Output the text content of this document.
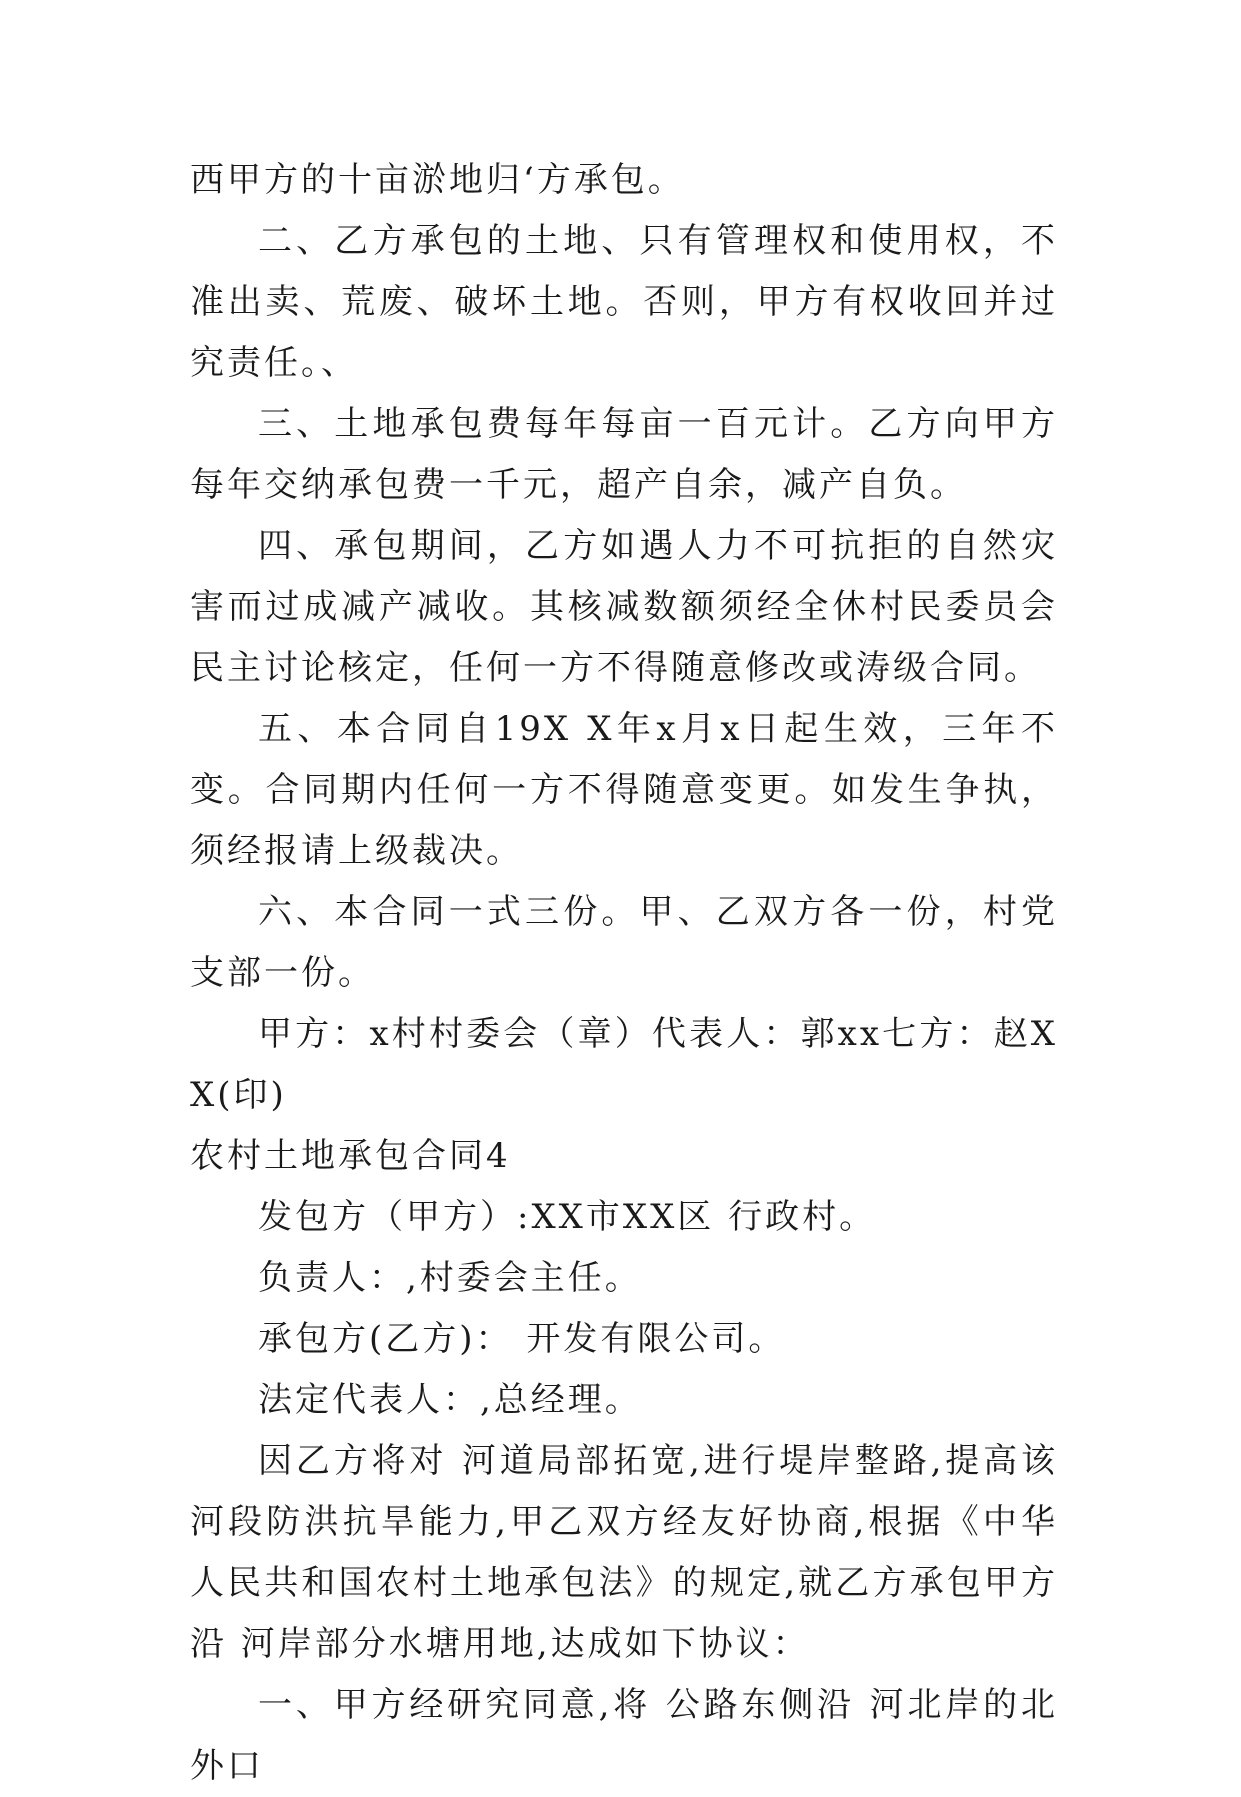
西甲方的十亩淤地归‘方承包。

二、乙方承包的土地、只有管理权和使用权，不准出卖、荒废、破坏土地。否则，甲方有权收回并过究责任。、

三、土地承包费每年每亩一百元计。乙方向甲方每年交纳承包费一千元，超产自余，减产自负。

四、承包期间，乙方如遇人力不可抗拒的自然灾害而过成减产减收。其核减数额须经全休村民委员会民主讨论核定，任何一方不得随意修改或涛级合同。

五、本合同自19X X年x月x日起生效，三年不变。合同期内任何一方不得随意变更。如发生争执，须经报请上级裁决。

六、本合同一式三份。甲、乙双方各一份，村党支部一份。

甲方：x村村委会（章）代表人：郭xx七方：赵XX(印)

农村土地承包合同4

发包方（甲方）:XX市XX区 行政村。

负责人：,村委会主任。

承包方(乙方)： 开发有限公司。

法定代表人：,总经理。

因乙方将对 河道局部拓宽,进行堤岸整路,提高该河段防洪抗旱能力,甲乙双方经友好协商,根据《中华人民共和国农村土地承包法》的规定,就乙方承包甲方沿 河岸部分水塘用地,达成如下协议：

一、甲方经研究同意,将 公路东侧沿 河北岸的北外口
